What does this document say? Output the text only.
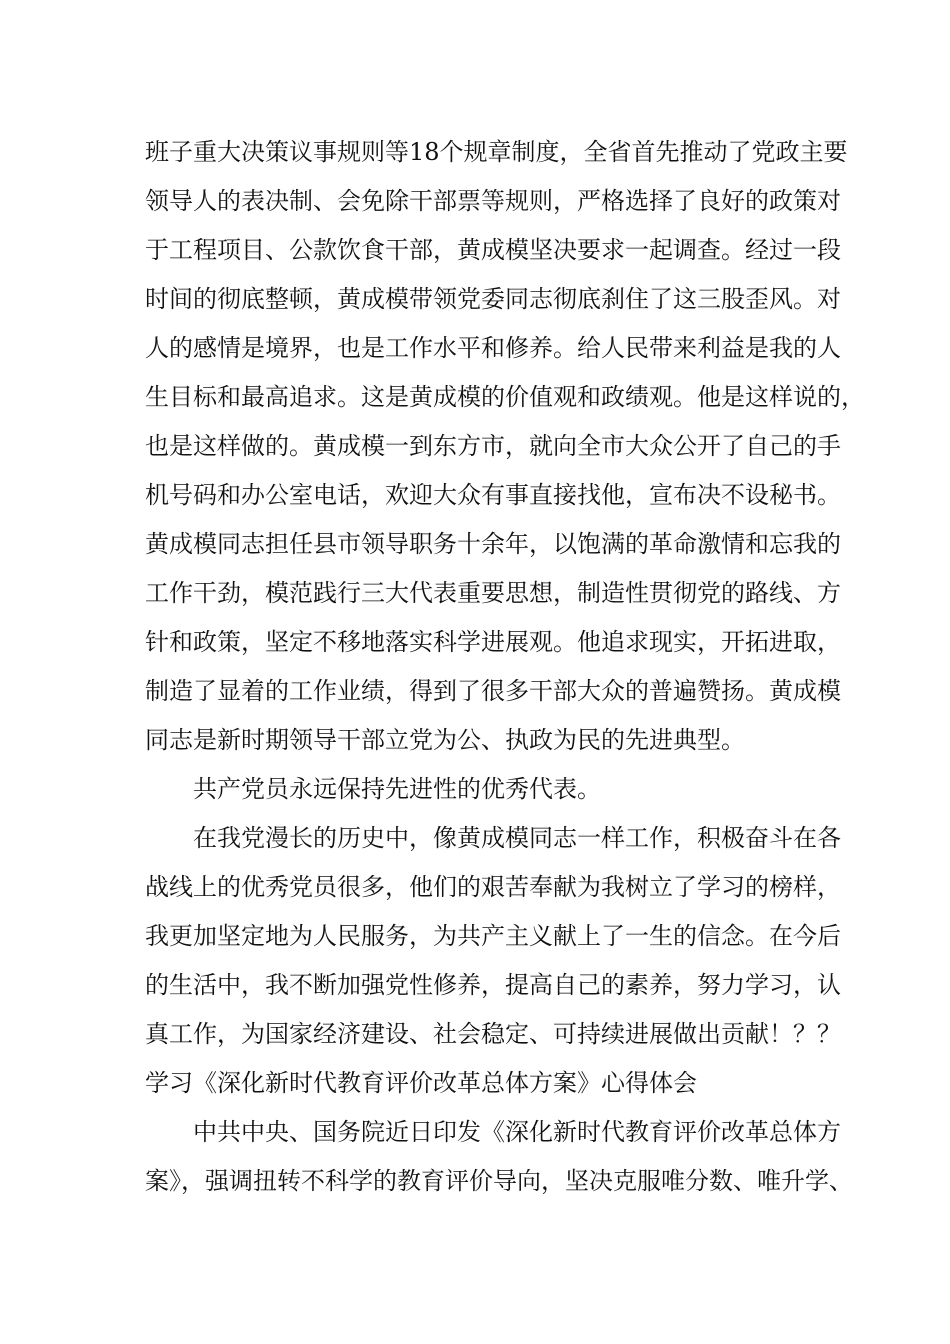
班子重大决策议事规则等18个规章制度，全省首先推动了党政主要
领导人的表决制、会免除干部票等规则，严格选择了良好的政策对
于工程项目、公款饮食干部，黄成模坚决要求一起调查。经过一段
时间的彻底整顿，黄成模带领党委同志彻底刹住了这三股歪风。对
人的感情是境界，也是工作水平和修养。给人民带来利益是我的人
生目标和最高追求。这是黄成模的价值观和政绩观。他是这样说的，
也是这样做的。黄成模一到东方市，就向全市大众公开了自己的手
机号码和办公室电话，欢迎大众有事直接找他，宣布决不设秘书。
黄成模同志担任县市领导职务十余年，以饱满的革命激情和忘我的
工作干劲，模范践行三大代表重要思想，制造性贯彻党的路线、方
针和政策，坚定不移地落实科学进展观。他追求现实，开拓进取，
制造了显着的工作业绩，得到了很多干部大众的普遍赞扬。黄成模
同志是新时期领导干部立党为公、执政为民的先进典型。
共产党员永远保持先进性的优秀代表。
在我党漫长的历史中，像黄成模同志一样工作，积极奋斗在各
战线上的优秀党员很多，他们的艰苦奉献为我树立了学习的榜样，
我更加坚定地为人民服务，为共产主义献上了一生的信念。在今后
的生活中，我不断加强党性修养，提高自己的素养，努力学习，认
真工作，为国家经济建设、社会稳定、可持续进展做出贡献！？？
学习《深化新时代教育评价改革总体方案》心得体会
中共中央、国务院近日印发《深化新时代教育评价改革总体方
案》，强调扭转不科学的教育评价导向，坚决克服唯分数、唯升学、
